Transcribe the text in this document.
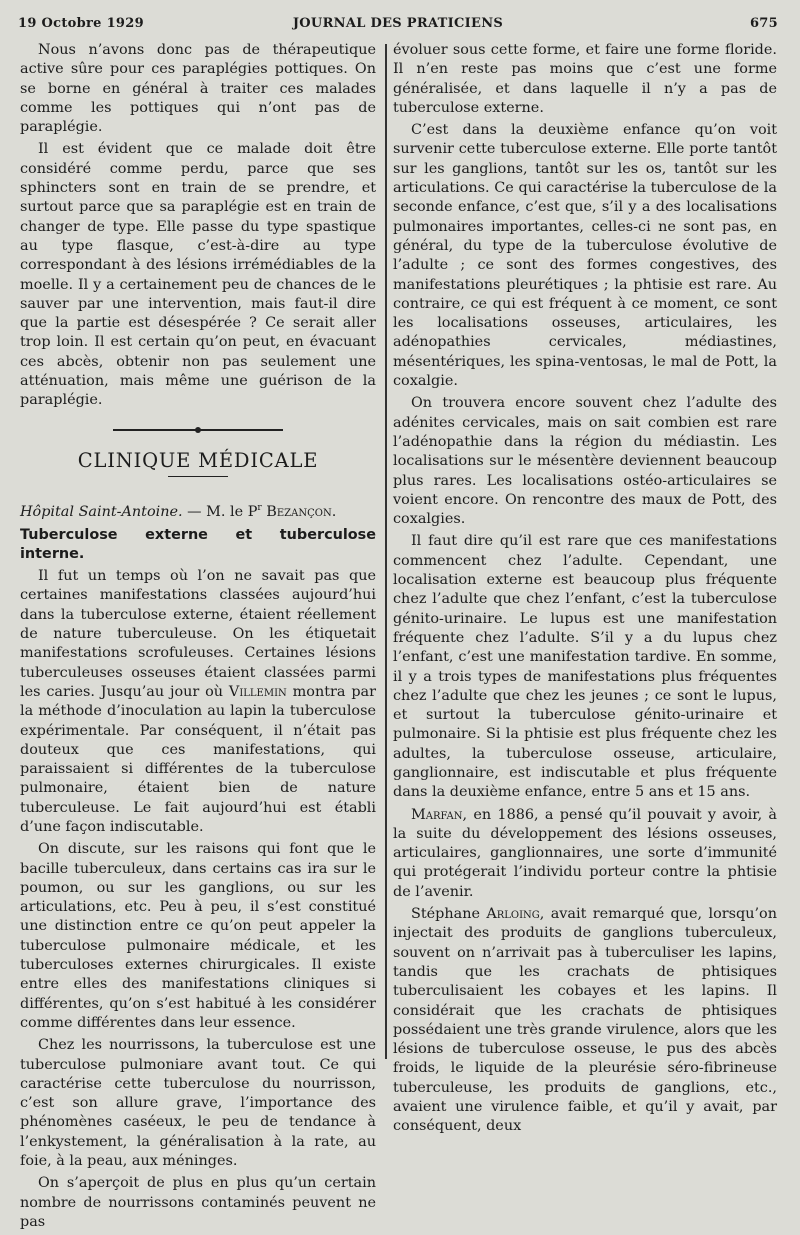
19 Octobre 1929	JOURNAL DES PRATICIENS	675

Nous n’avons donc pas de thérapeutique active sûre pour ces paraplégies pottiques. On se borne en général à traiter ces malades comme les pottiques qui n’ont pas de paraplégie.

Il est évident que ce malade doit être considéré comme perdu, parce que ses sphincters sont en train de se prendre, et surtout parce que sa paraplégie est en train de changer de type. Elle passe du type spastique au type flasque, c’est-à-dire au type correspondant à des lésions irrémédiables de la moelle. Il y a certainement peu de chances de le sauver par une intervention, mais faut-il dire que la partie est désespérée ? Ce serait aller trop loin. Il est certain qu’on peut, en évacuant ces abcès, obtenir non pas seulement une atténuation, mais même une guérison de la paraplégie.

CLINIQUE MÉDICALE

Hôpital Saint-Antoine. — M. le $P^r$ Bezançon.

Tuberculose externe et tuberculose interne.

Il fut un temps où l’on ne savait pas que certaines manifestations classées aujourd’hui dans la tuberculose externe, étaient réellement de nature tuberculeuse. On les étiquetait manifestations scrofuleuses. Certaines lésions tuberculeuses osseuses étaient classées parmi les caries. Jusqu’au jour où Villemin montra par la méthode d’inoculation au lapin la tuberculose expérimentale. Par conséquent, il n’était pas douteux que ces manifestations, qui paraissaient si différentes de la tuberculose pulmonaire, étaient bien de nature tuberculeuse. Le fait aujourd’hui est établi d’une façon indiscutable.

On discute, sur les raisons qui font que le bacille tuberculeux, dans certains cas ira sur le poumon, ou sur les ganglions, ou sur les articulations, etc. Peu à peu, il s’est constitué une distinction entre ce qu’on peut appeler la tuberculose pulmonaire médicale, et les tuberculoses externes chirurgicales. Il existe entre elles des manifestations cliniques si différentes, qu’on s’est habitué à les considérer comme différentes dans leur essence.

Chez les nourrissons, la tuberculose est une tuberculose pulmoniare avant tout. Ce qui caractérise cette tuberculose du nourrisson, c’est son allure grave, l’importance des phénomènes caséeux, le peu de tendance à l’enkystement, la généralisation à la rate, au foie, à la peau, aux méninges.

On s’aperçoit de plus en plus qu’un certain nombre de nourrissons contaminés peuvent ne pas

évoluer sous cette forme, et faire une forme floride. Il n’en reste pas moins que c’est une forme généralisée, et dans laquelle il n’y a pas de tuberculose externe.

C’est dans la deuxième enfance qu’on voit survenir cette tuberculose externe. Elle porte tantôt sur les ganglions, tantôt sur les os, tantôt sur les articulations. Ce qui caractérise la tuberculose de la seconde enfance, c’est que, s’il y a des localisations pulmonaires importantes, celles-ci ne sont pas, en général, du type de la tuberculose évolutive de l’adulte ; ce sont des formes congestives, des manifestations pleurétiques ; la phtisie est rare. Au contraire, ce qui est fréquent à ce moment, ce sont les localisations osseuses, articulaires, les adénopathies cervicales, médiastines, mésentériques, les spina-ventosas, le mal de Pott, la coxalgie.

On trouvera encore souvent chez l’adulte des adénites cervicales, mais on sait combien est rare l’adénopathie dans la région du médiastin. Les localisations sur le mésentère deviennent beaucoup plus rares. Les localisations ostéo-articulaires se voient encore. On rencontre des maux de Pott, des coxalgies.

Il faut dire qu’il est rare que ces manifestations commencent chez l’adulte. Cependant, une localisation externe est beaucoup plus fréquente chez l’adulte que chez l’enfant, c’est la tuberculose génito-urinaire. Le lupus est une manifestation fréquente chez l’adulte. S’il y a du lupus chez l’enfant, c’est une manifestation tardive. En somme, il y a trois types de manifestations plus fréquentes chez l’adulte que chez les jeunes ; ce sont le lupus, et surtout la tuberculose génito-urinaire et pulmonaire. Si la phtisie est plus fréquente chez les adultes, la tuberculose osseuse, articulaire, ganglionnaire, est indiscutable et plus fréquente dans la deuxième enfance, entre 5 ans et 15 ans.

Marfan, en 1886, a pensé qu’il pouvait y avoir, à la suite du développement des lésions osseuses, articulaires, ganglionnaires, une sorte d’immunité qui protégerait l’individu porteur contre la phtisie de l’avenir.

Stéphane Arloing, avait remarqué que, lorsqu’on injectait des produits de ganglions tuberculeux, souvent on n’arrivait pas à tuberculiser les lapins, tandis que les crachats de phtisiques tuberculisaient les cobayes et les lapins. Il considérait que les crachats de phtisiques possédaient une très grande virulence, alors que les lésions de tuberculose osseuse, le pus des abcès froids, le liquide de la pleurésie séro-fibrineuse tuberculeuse, les produits de ganglions, etc., avaient une virulence faible, et qu’il y avait, par conséquent, deux
